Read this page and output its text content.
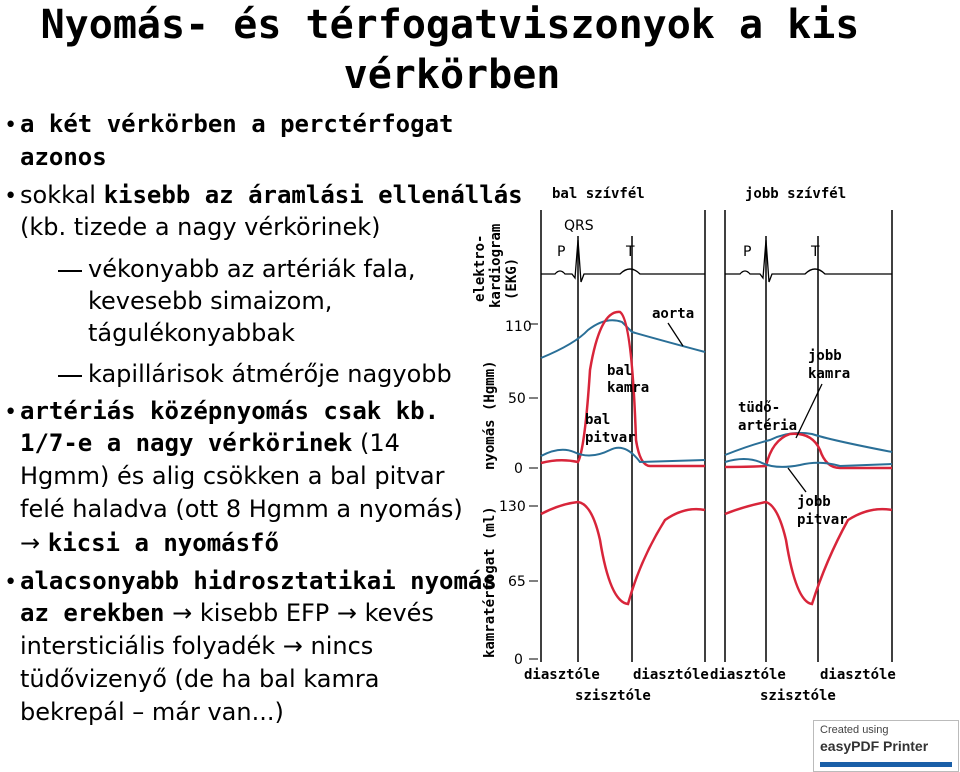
Nyomás- és térfogatviszonyok a kis
vérkörben
• a két vérkörben a perctérfogat
azonos
• sokkal kisebb az áramlási ellenállás
(kb. tizede a nagy vérkörinek)
vékonyabb az artériák fala,
kevesebb simaizom,
tágulékonyabbak
kapillárisok átmérője nagyobb
• artériás középnyomás csak kb.
1/7-e a nagy vérkörinek (14
Hgmm) és alig csökken a bal pitvar
felé haladva (ott 8 Hgmm a nyomás)
→ kicsi a nyomásfő
• alacsonyabb hidrosztatikai nyomás
az erekben → kisebb EFP → kevés
intersticiális folyadék → nincs
tüdővizenyő (de ha bal kamra
bekrepál – már van...)
elektro- kardiogram (EKG)
nyomás (Hgmm)
kamratérfogat (ml)
110
50
0
130
65
0
bal szívfél	jobb szívfél
QRS
P	T	P	T
aorta
bal
kamra
bal
pitvar
jobb
kamra
tüdő-
artéria
jobb
pitvar
diasztóle diasztóle diasztóle diasztóle
szisztóle	szisztóle
Created using
easyPDF Printer
